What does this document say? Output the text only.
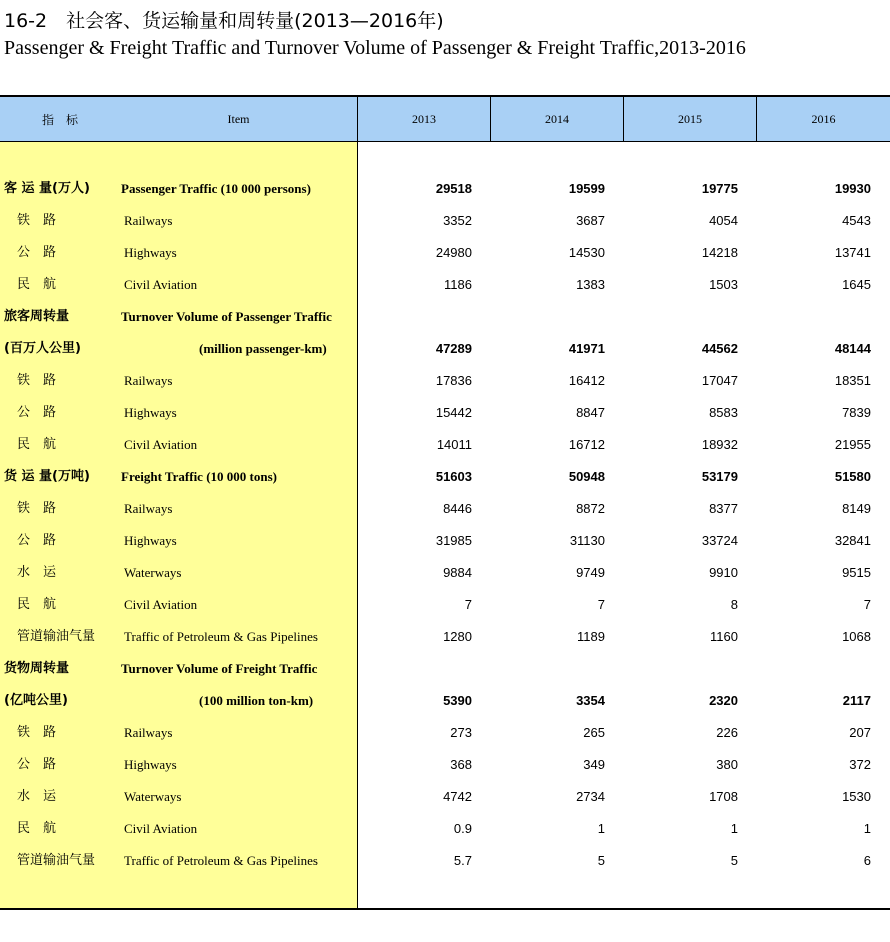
16-2　社会客、货运输量和周转量(2013—2016年)
Passenger & Freight Traffic and Turnover Volume of Passenger & Freight Traffic,2013-2016
指　标	Item	2013	2014	2015	2016
客 运 量(万人) Passenger Traffic (10 000 persons)	29518	19599	19775	19930
铁　路	Railways	3352	3687	4054	4543
公　路	Highways	24980	14530	14218	13741
民　航	Civil Aviation	1186	1383	1503	1645
旅客周转量	Turnover Volume of Passenger Traffic
(百万人公里)	(million passenger-km)	47289	41971	44562	48144
铁　路	Railways	17836	16412	17047	18351
公　路	Highways	15442	8847	8583	7839
民　航	Civil Aviation	14011	16712	18932	21955
货 运 量(万吨) Freight Traffic (10 000 tons)	51603	50948	53179	51580
铁　路	Railways	8446	8872	8377	8149
公　路	Highways	31985	31130	33724	32841
水　运	Waterways	9884	9749	9910	9515
民　航	Civil Aviation	7	7	8	7
管道输油气量 Traffic of Petroleum & Gas Pipelines	1280	1189	1160	1068
货物周转量	Turnover Volume of Freight Traffic
(亿吨公里)	(100 million ton-km)	5390	3354	2320	2117
铁　路	Railways	273	265	226	207
公　路	Highways	368	349	380	372
水　运	Waterways	4742	2734	1708	1530
民　航	Civil Aviation	0.9	1	1	1
管道输油气量 Traffic of Petroleum & Gas Pipelines	5.7	5	5	6
